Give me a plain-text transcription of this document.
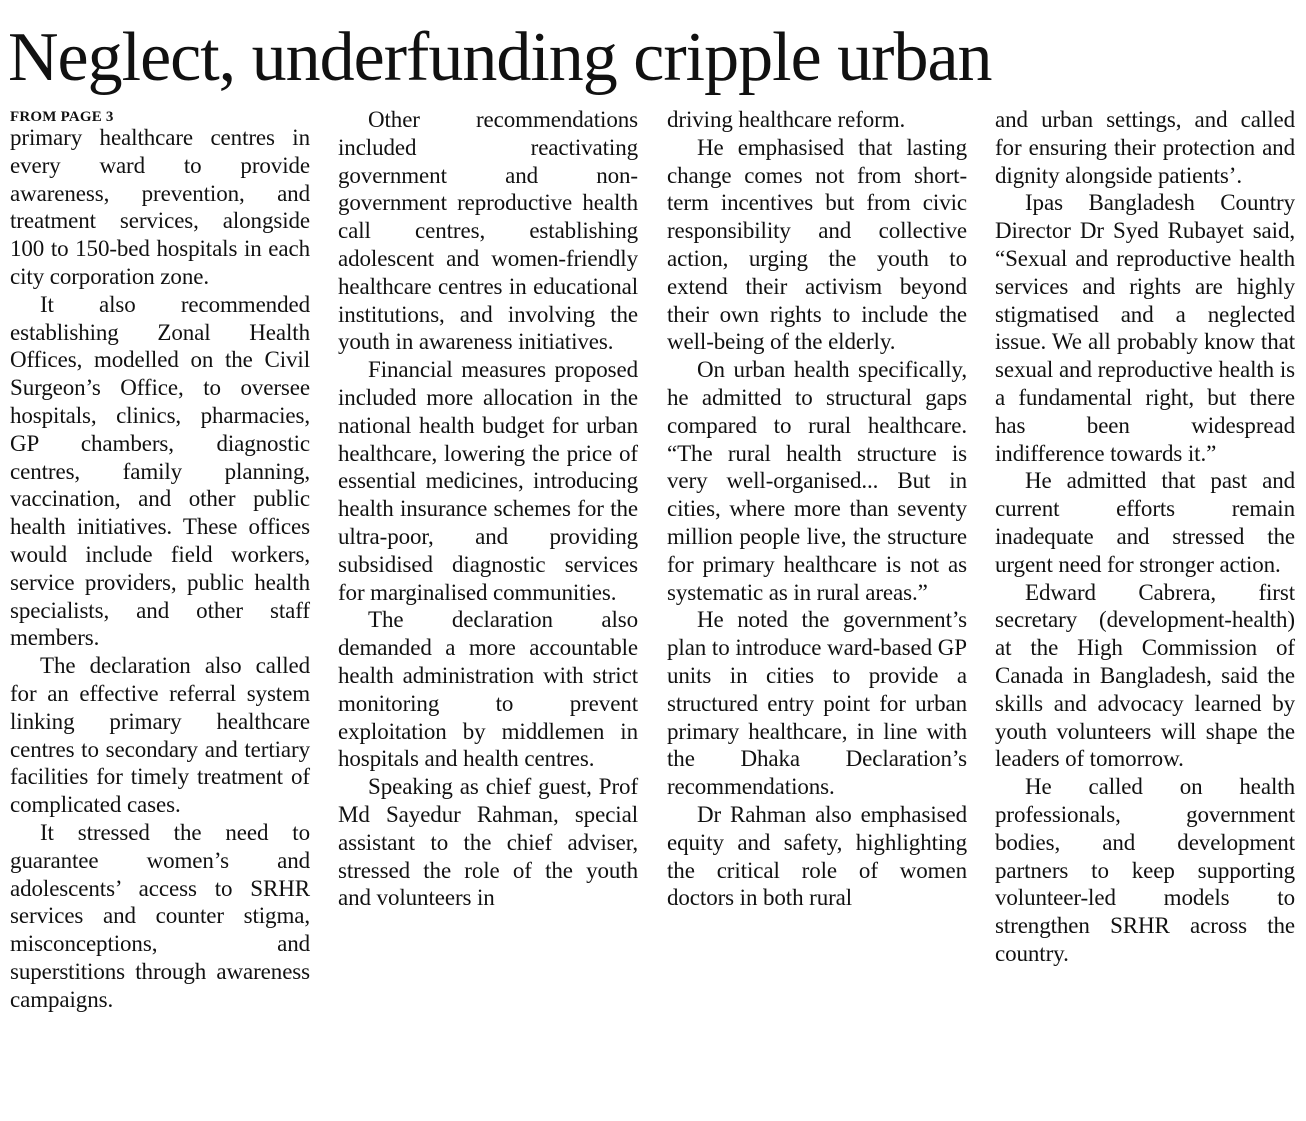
Neglect, underfunding cripple urban
FROM PAGE 3

primary healthcare centres in every ward to provide awareness, prevention, and treatment services, alongside 100 to 150-bed hospitals in each city corporation zone.

It also recommended establishing Zonal Health Offices, modelled on the Civil Surgeon’s Office, to oversee hospitals, clinics, pharmacies, GP chambers, diagnostic centres, family planning, vaccination, and other public health initiatives. These offices would include field workers, service providers, public health specialists, and other staff members.

The declaration also called for an effective referral system linking primary healthcare centres to secondary and tertiary facilities for timely treatment of complicated cases.

It stressed the need to guarantee women’s and adolescents’ access to SRHR services and counter stigma, misconceptions, and superstitions through awareness campaigns.

Other recommendations included reactivating government and non-government reproductive health call centres, establishing adolescent and women-friendly healthcare centres in educational institutions, and involving the youth in awareness initiatives.

Financial measures proposed included more allocation in the national health budget for urban healthcare, lowering the price of essential medicines, introducing health insurance schemes for the ultra-poor, and providing subsidised diagnostic services for marginalised communities.

The declaration also demanded a more accountable health administration with strict monitoring to prevent exploitation by middlemen in hospitals and health centres.

Speaking as chief guest, Prof Md Sayedur Rahman, special assistant to the chief adviser, stressed the role of the youth and volunteers in

driving healthcare reform.

He emphasised that lasting change comes not from short-term incentives but from civic responsibility and collective action, urging the youth to extend their activism beyond their own rights to include the well-being of the elderly.

On urban health specifically, he admitted to structural gaps compared to rural healthcare. “The rural health structure is very well-organised... But in cities, where more than seventy million people live, the structure for primary healthcare is not as systematic as in rural areas.”

He noted the government’s plan to introduce ward-based GP units in cities to provide a structured entry point for urban primary healthcare, in line with the Dhaka Declaration’s recommendations.

Dr Rahman also emphasised equity and safety, highlighting the critical role of women doctors in both rural

and urban settings, and called for ensuring their protection and dignity alongside patients’.

Ipas Bangladesh Country Director Dr Syed Rubayet said, “Sexual and reproductive health services and rights are highly stigmatised and a neglected issue. We all probably know that sexual and reproductive health is a fundamental right, but there has been widespread indifference towards it.”

He admitted that past and current efforts remain inadequate and stressed the urgent need for stronger action.

Edward Cabrera, first secretary (development-health) at the High Commission of Canada in Bangladesh, said the skills and advocacy learned by youth volunteers will shape the leaders of tomorrow.

He called on health professionals, government bodies, and development partners to keep supporting volunteer-led models to strengthen SRHR across the country.
